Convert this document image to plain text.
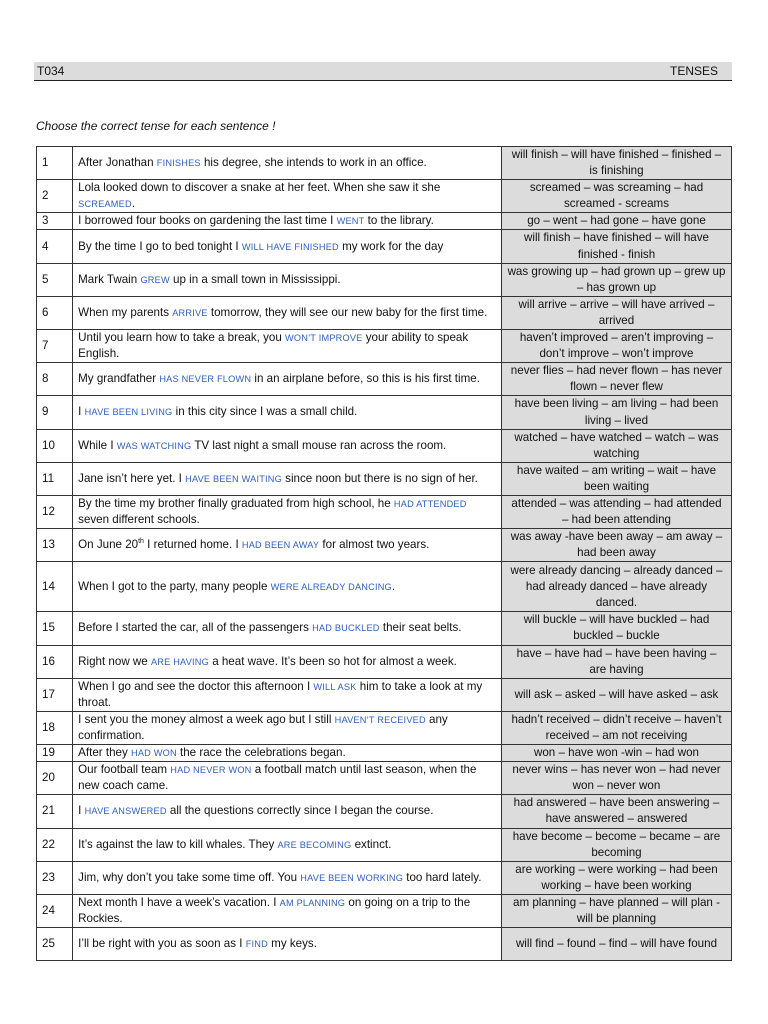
T034	TENSES
Choose the correct tense for each sentence !
1	After Jonathan FINISHES his degree, she intends to work in an office.	will finish – will have finished – finished – is finishing
2	Lola looked down to discover a snake at her feet. When she saw it she SCREAMED.	screamed – was screaming – had screamed - screams
3	I borrowed four books on gardening the last time I WENT to the library.	go – went – had gone – have gone
4	By the time I go to bed tonight I WILL HAVE FINISHED my work for the day	will finish – have finished – will have finished - finish
5	Mark Twain GREW up in a small town in Mississippi.	was growing up – had grown up – grew up – has grown up
6	When my parents ARRIVE tomorrow, they will see our new baby for the first time.	will arrive – arrive – will have arrived – arrived
7	Until you learn how to take a break, you WON’T IMPROVE your ability to speak English.	haven’t improved – aren’t improving – don’t improve – won’t improve
8	My grandfather HAS NEVER FLOWN in an airplane before, so this is his first time.	never flies – had never flown – has never flown – never flew
9	I HAVE BEEN LIVING in this city since I was a small child.	have been living – am living – had been living – lived
10	While I WAS WATCHING TV last night a small mouse ran across the room.	watched – have watched – watch – was watching
11	Jane isn’t here yet. I HAVE BEEN WAITING since noon but there is no sign of her.	have waited – am writing – wait – have been waiting
12	By the time my brother finally graduated from high school, he HAD ATTENDED seven different schools.	attended – was attending – had attended – had been attending
13	On June 20th I returned home. I HAD BEEN AWAY for almost two years.	was away -have been away – am away – had been away
14	When I got to the party, many people WERE ALREADY DANCING.	were already dancing – already danced – had already danced – have already danced.
15	Before I started the car, all of the passengers HAD BUCKLED their seat belts.	will buckle – will have buckled – had buckled – buckle
16	Right now we ARE HAVING a heat wave. It’s been so hot for almost a week.	have – have had – have been having – are having
17	When I go and see the doctor this afternoon I WILL ASK him to take a look at my throat.	will ask – asked – will have asked – ask
18	I sent you the money almost a week ago but I still HAVEN’T RECEIVED any confirmation.	hadn’t received – didn’t receive – haven’t received – am not receiving
19	After they HAD WON the race the celebrations began.	won – have won -win – had won
20	Our football team HAD NEVER WON a football match until last season, when the new coach came.	never wins – has never won – had never won – never won
21	I HAVE ANSWERED all the questions correctly since I began the course.	had answered – have been answering – have answered – answered
22	It’s against the law to kill whales. They ARE BECOMING extinct.	have become – become – became – are becoming
23	Jim, why don’t you take some time off. You HAVE BEEN WORKING too hard lately.	are working – were working – had been working – have been working
24	Next month I have a week’s vacation. I AM PLANNING on going on a trip to the Rockies.	am planning – have planned – will plan -will be planning
25	I’ll be right with you as soon as I FIND my keys.	will find – found – find – will have found
